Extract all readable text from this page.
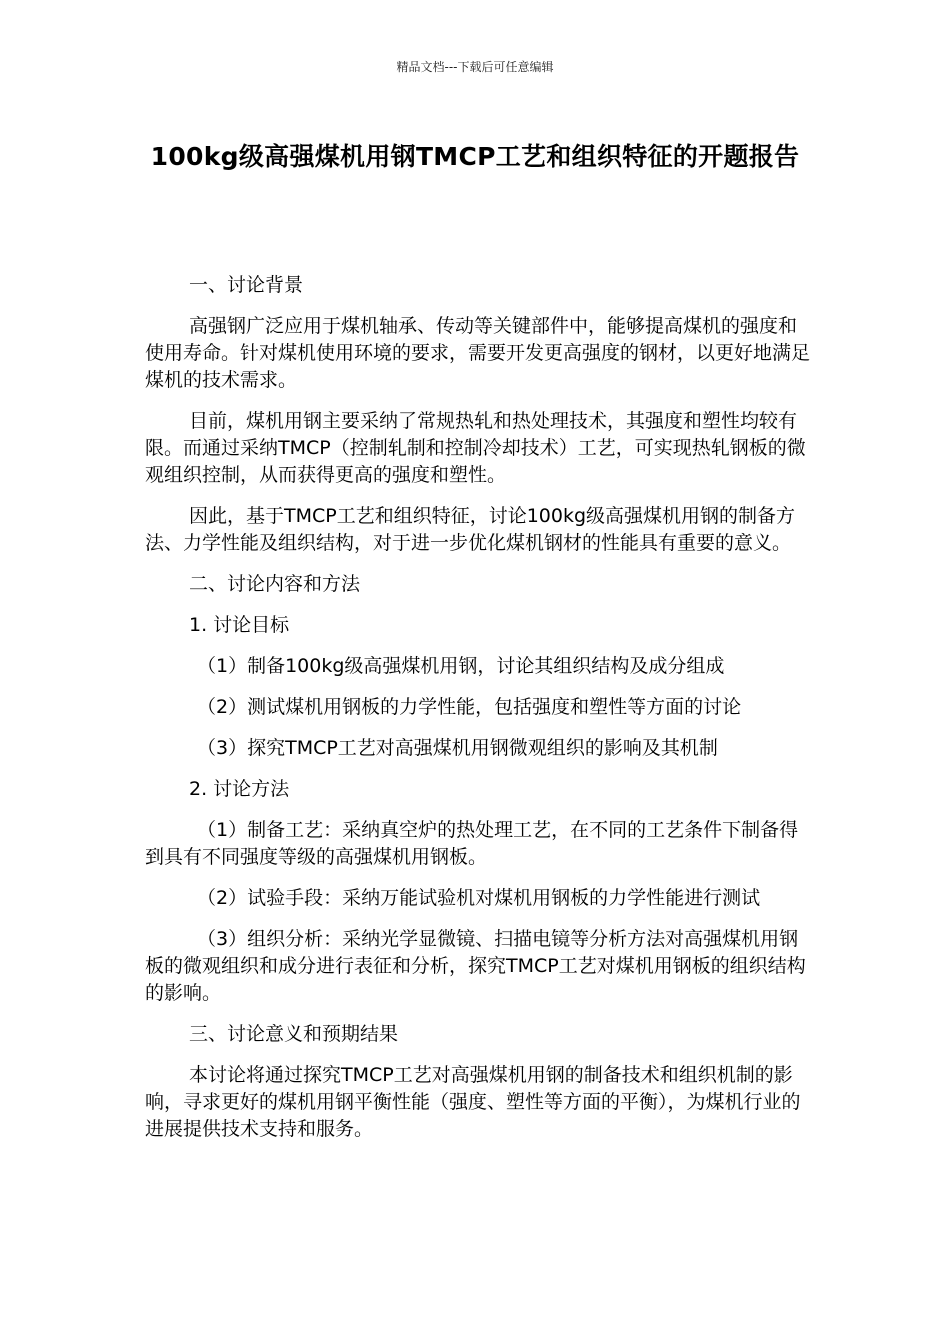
精品文档---下载后可任意编辑
100kg级高强煤机用钢TMCP工艺和组织特征的开题报告

一、讨论背景

高强钢广泛应用于煤机轴承、传动等关键部件中，能够提高煤机的强度和使用寿命。针对煤机使用环境的要求，需要开发更高强度的钢材，以更好地满足煤机的技术需求。

目前，煤机用钢主要采纳了常规热轧和热处理技术，其强度和塑性均较有限。而通过采纳TMCP（控制轧制和控制冷却技术）工艺，可实现热轧钢板的微观组织控制，从而获得更高的强度和塑性。

因此，基于TMCP工艺和组织特征，讨论100kg级高强煤机用钢的制备方法、力学性能及组织结构，对于进一步优化煤机钢材的性能具有重要的意义。

二、讨论内容和方法

1. 讨论目标

（1）制备100kg级高强煤机用钢，讨论其组织结构及成分组成

（2）测试煤机用钢板的力学性能，包括强度和塑性等方面的讨论

（3）探究TMCP工艺对高强煤机用钢微观组织的影响及其机制

2. 讨论方法

（1）制备工艺：采纳真空炉的热处理工艺，在不同的工艺条件下制备得到具有不同强度等级的高强煤机用钢板。

（2）试验手段：采纳万能试验机对煤机用钢板的力学性能进行测试

（3）组织分析：采纳光学显微镜、扫描电镜等分析方法对高强煤机用钢板的微观组织和成分进行表征和分析，探究TMCP工艺对煤机用钢板的组织结构的影响。

三、讨论意义和预期结果

本讨论将通过探究TMCP工艺对高强煤机用钢的制备技术和组织机制的影响，寻求更好的煤机用钢平衡性能（强度、塑性等方面的平衡），为煤机行业的进展提供技术支持和服务。
